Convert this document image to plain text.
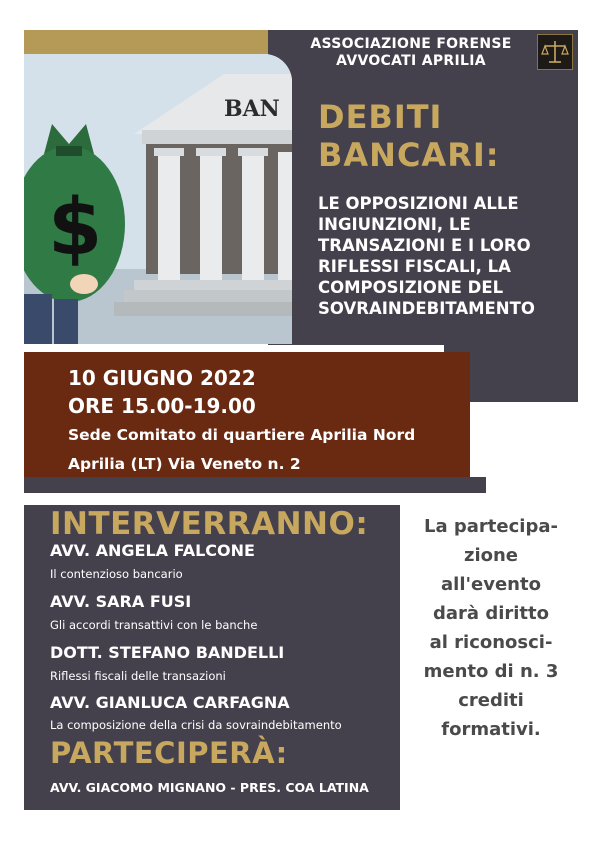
BAN
$
ASSOCIAZIONE FORENSE
AVVOCATI APRILIA
DEBITI
BANCARI:
LE OPPOSIZIONI ALLE INGIUNZIONI, LE TRANSAZIONI E I LORO RIFLESSI FISCALI, LA COMPOSIZIONE DEL SOVRAINDEBITAMENTO
10 GIUGNO 2022
ORE 15.00-19.00
Sede Comitato di quartiere Aprilia Nord
Aprilia (LT) Via Veneto n. 2
INTERVERRANNO:
AVV. ANGELA FALCONE
Il contenzioso bancario
AVV. SARA FUSI
Gli accordi transattivi con le banche
DOTT. STEFANO BANDELLI
Riflessi fiscali delle transazioni
AVV. GIANLUCA CARFAGNA
La composizione della crisi da sovraindebitamento
PARTECIPERÀ:
AVV. GIACOMO MIGNANO - PRES. COA LATINA
La partecipa-
zione
all'evento
darà diritto
al riconosci-
mento di n. 3
crediti
formativi.
